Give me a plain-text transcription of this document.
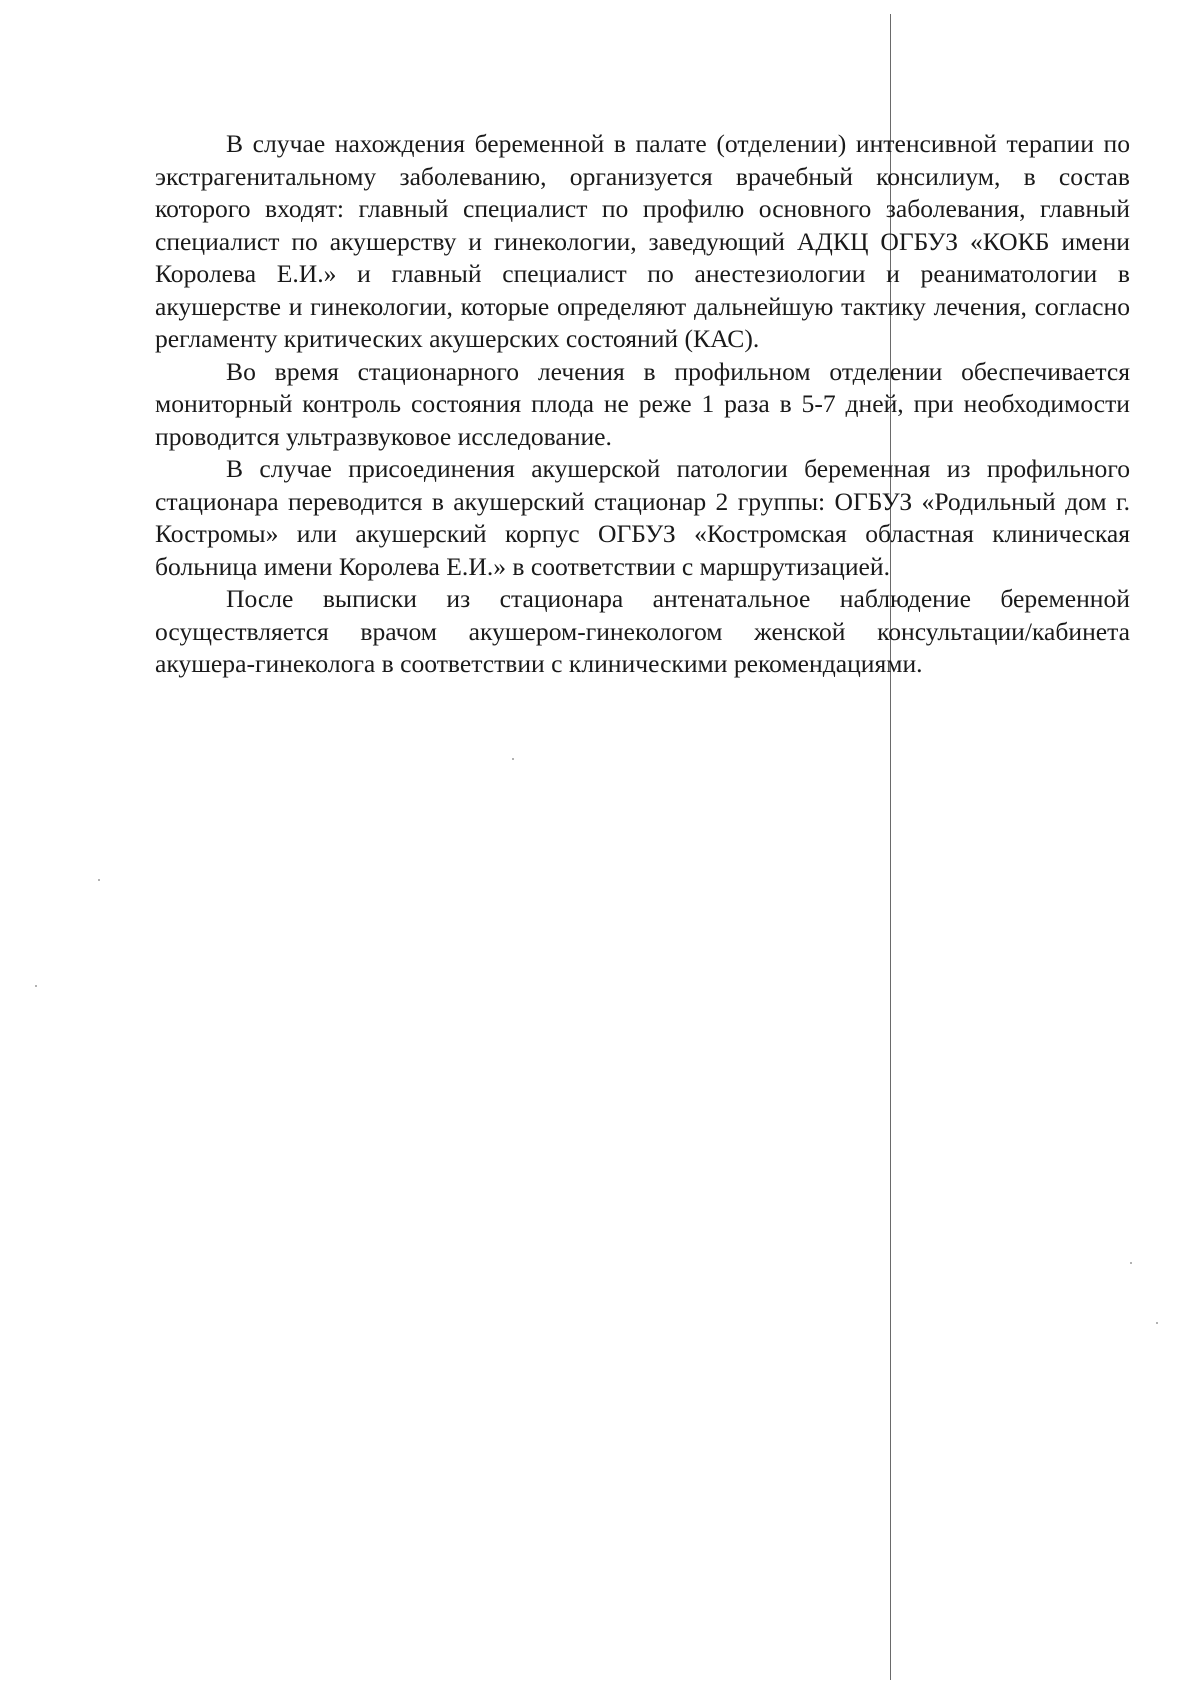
В случае нахождения беременной в палате (отделении) интенсивной терапии по экстрагенитальному заболеванию, организуется врачебный консилиум, в состав которого входят: главный специалист по профилю основного заболевания, главный специалист по акушерству и гинекологии, заведующий АДКЦ ОГБУЗ «КОКБ имени Королева Е.И.» и главный специалист по анестезиологии и реаниматологии в акушерстве и гинекологии, которые определяют дальнейшую тактику лечения, согласно регламенту критических акушерских состояний (КАС).

Во время стационарного лечения в профильном отделении обеспечивается мониторный контроль состояния плода не реже 1 раза в 5-7 дней, при необходимости проводится ультразвуковое исследование.

В случае присоединения акушерской патологии беременная из профильного стационара переводится в акушерский стационар 2 группы: ОГБУЗ «Родильный дом г. Костромы» или акушерский корпус ОГБУЗ «Костромская областная клиническая больница имени Королева Е.И.» в соответствии с маршрутизацией.

После выписки из стационара антенатальное наблюдение беременной осуществляется врачом акушером-гинекологом женской консультации/кабинета акушера-гинеколога в соответствии с клиническими рекомендациями.
